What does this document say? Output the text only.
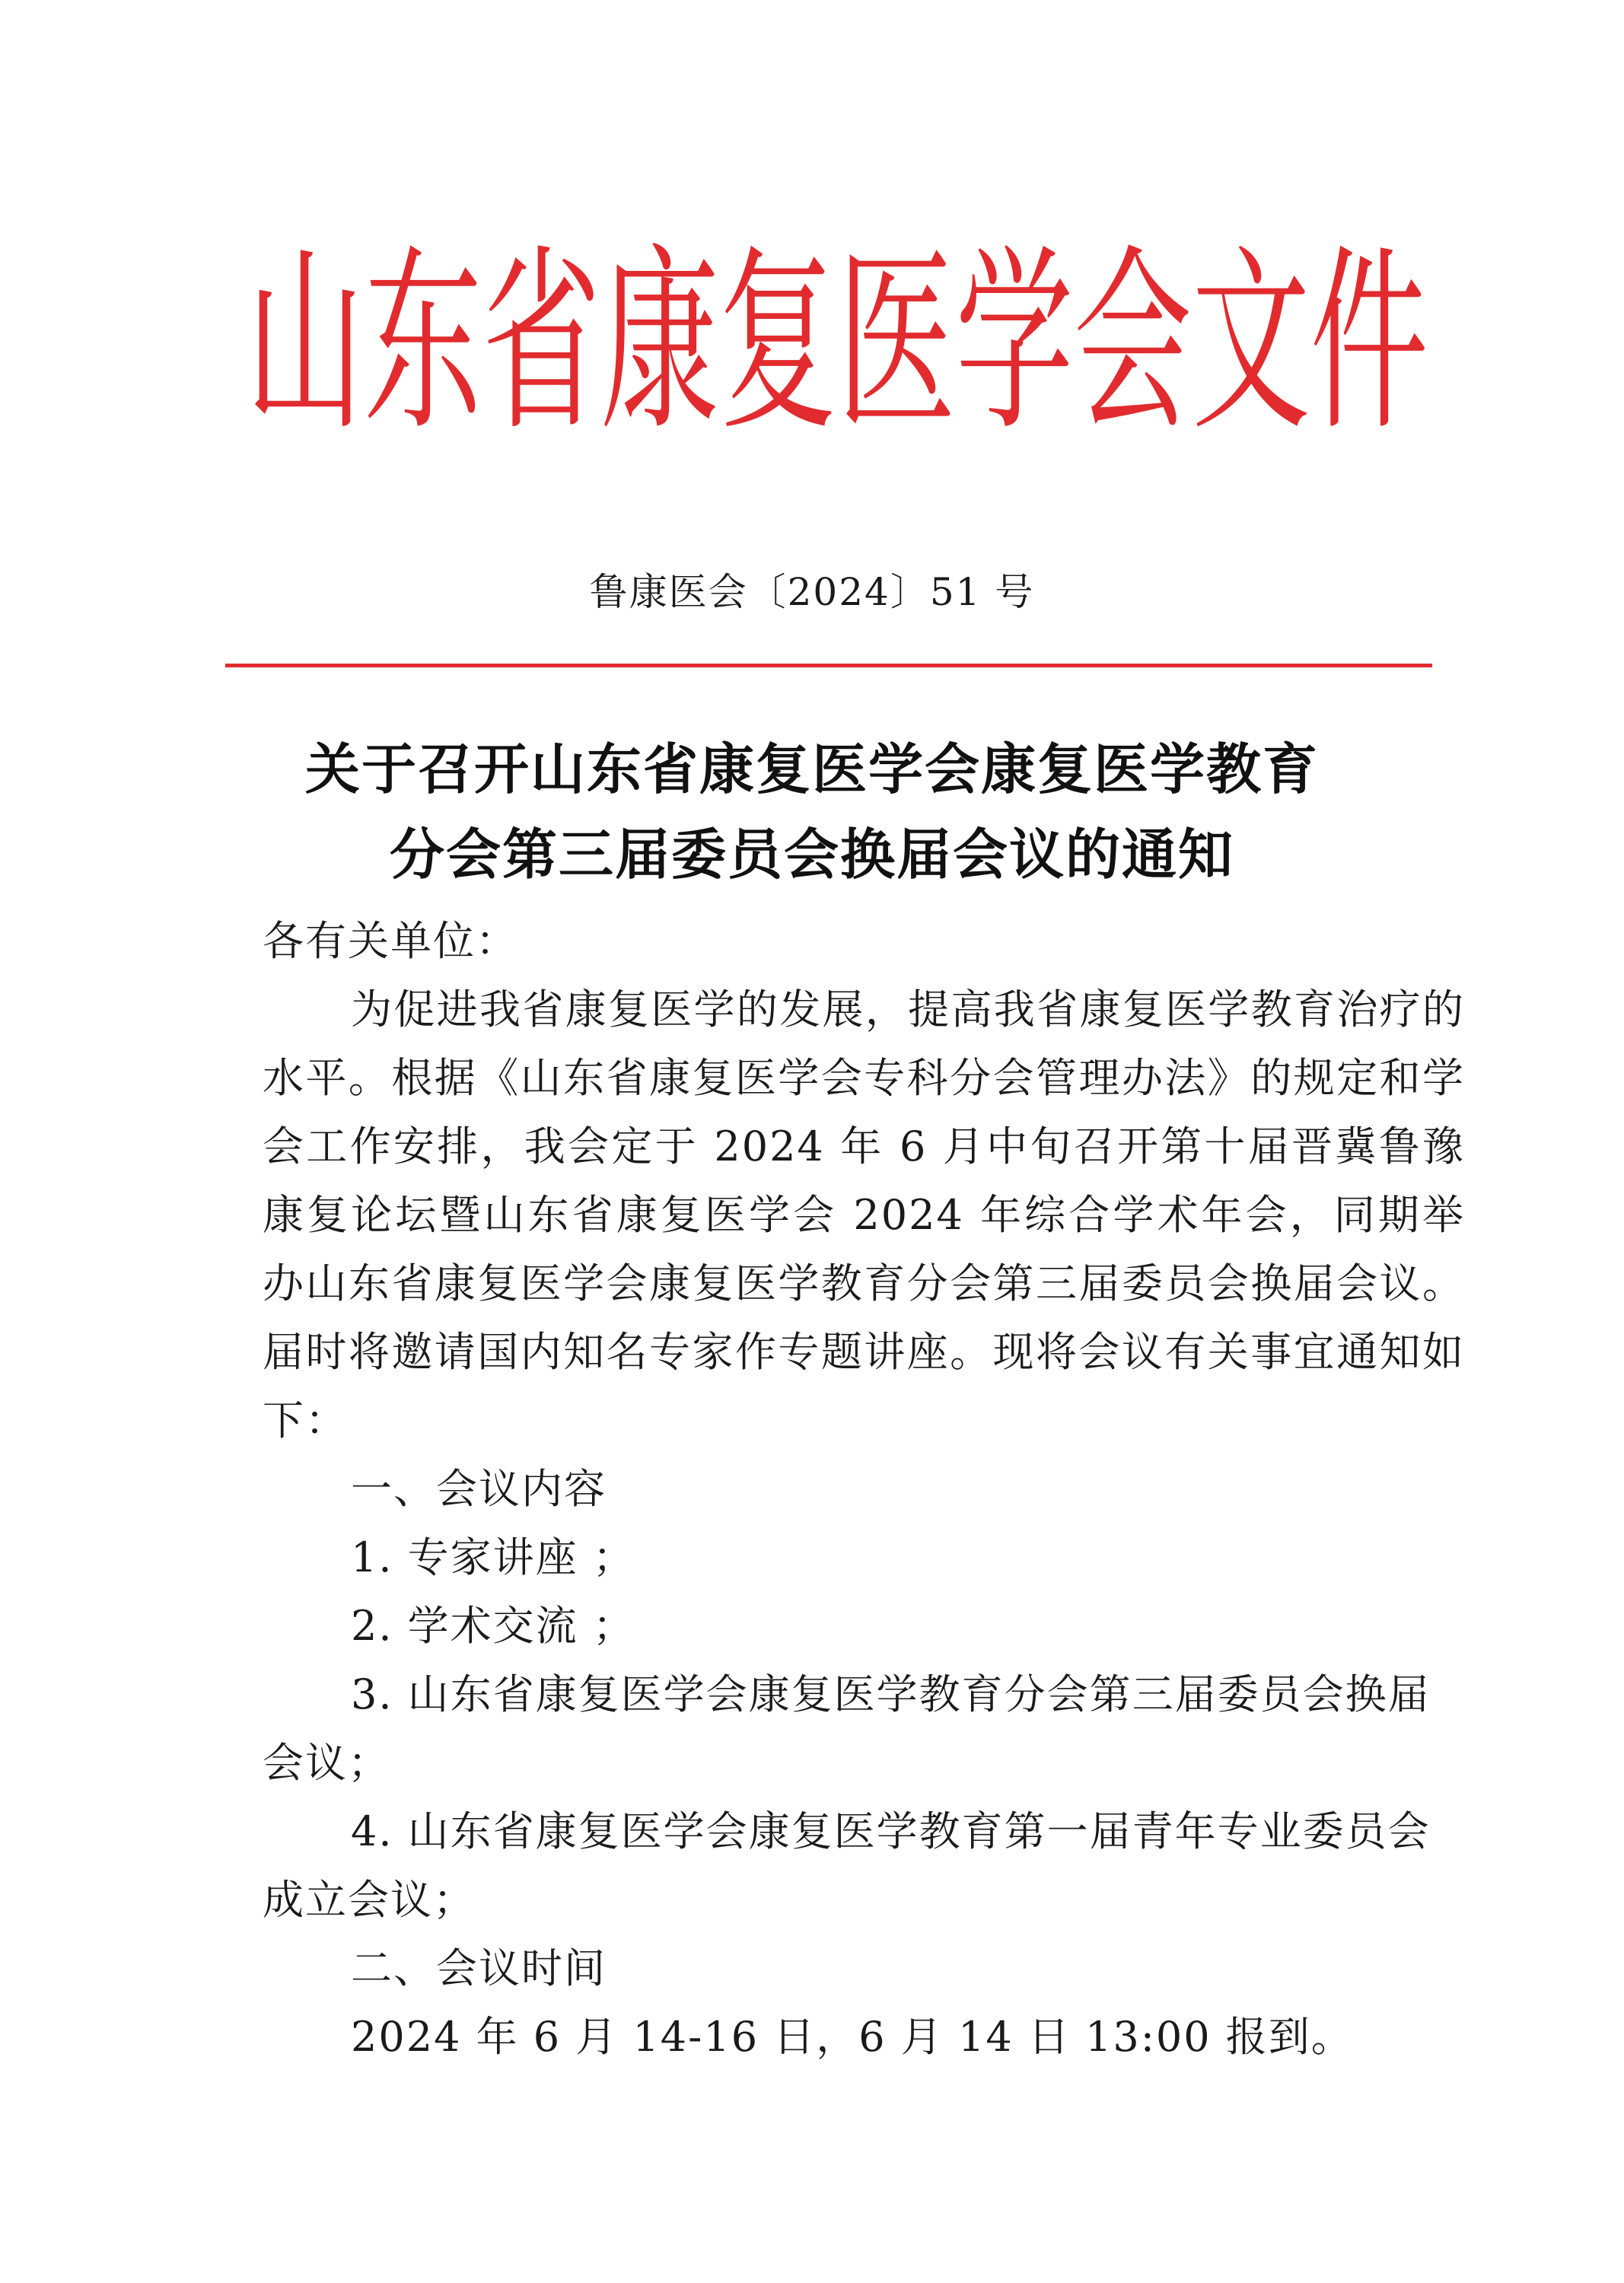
山东省康复医学会文件
鲁康医会〔2024〕51 号
关于召开山东省康复医学会康复医学教育
分会第三届委员会换届会议的通知
各有关单位：
为促进我省康复医学的发展，提高我省康复医学教育治疗的水平。根据《山东省康复医学会专科分会管理办法》的规定和学会工作安排，我会定于 2024 年 6 月中旬召开第十届晋冀鲁豫康复论坛暨山东省康复医学会 2024 年综合学术年会，同期举办山东省康复医学会康复医学教育分会第三届委员会换届会议。届时将邀请国内知名专家作专题讲座。现将会议有关事宜通知如下：
一、会议内容
1. 专家讲座 ；
2. 学术交流 ；
3. 山东省康复医学会康复医学教育分会第三届委员会换届会议；
4. 山东省康复医学会康复医学教育第一届青年专业委员会成立会议；
二、会议时间
2024 年 6 月 14-16 日，6 月 14 日 13:00 报到。
